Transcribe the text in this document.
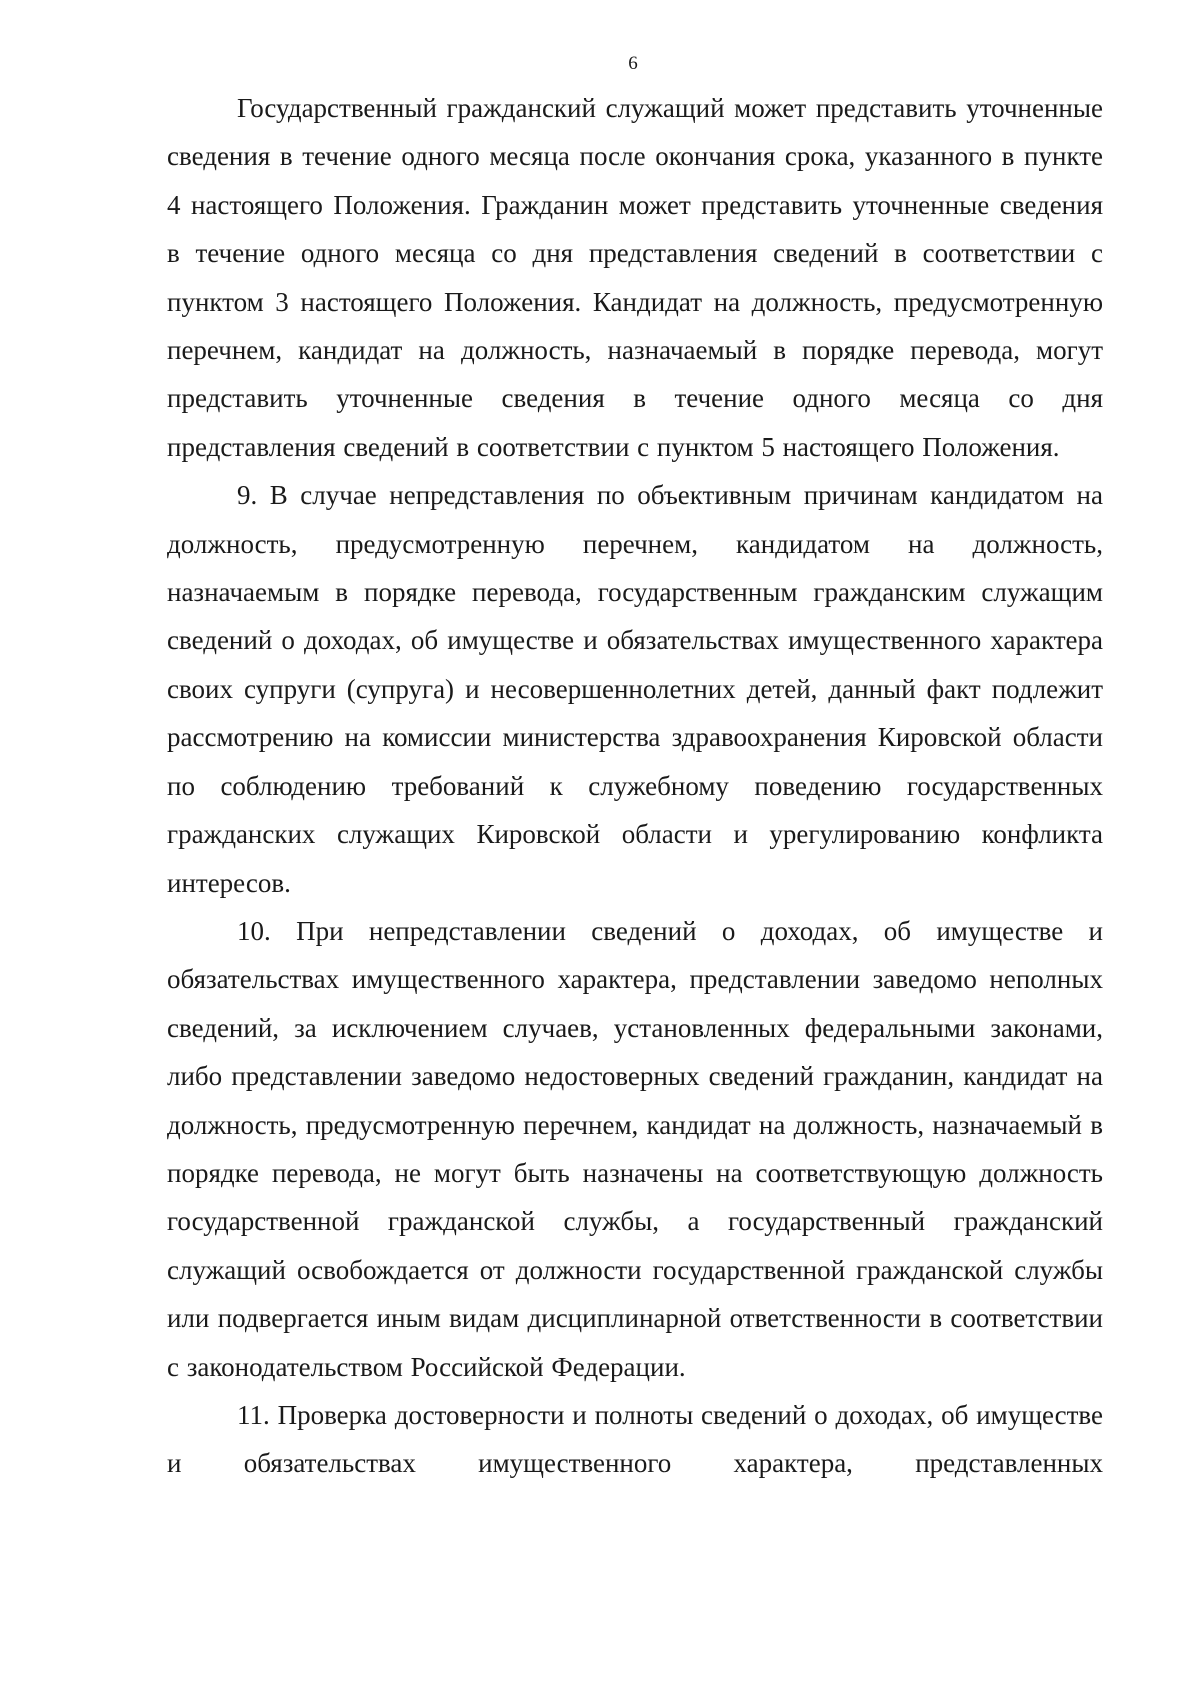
6

Государственный гражданский служащий может представить уточненные сведения в течение одного месяца после окончания срока, указанного в пункте 4 настоящего Положения. Гражданин может представить уточненные сведения в течение одного месяца со дня представления сведений в соответствии с пунктом 3 настоящего Положения. Кандидат на должность, предусмотренную перечнем, кандидат на должность, назначаемый в порядке перевода, могут представить уточненные сведения в течение одного месяца со дня представления сведений в соответствии с пунктом 5 настоящего Положения.

9. В случае непредставления по объективным причинам кандидатом на должность, предусмотренную перечнем, кандидатом на должность, назначаемым в порядке перевода, государственным гражданским служащим сведений о доходах, об имуществе и обязательствах имущественного характера своих супруги (супруга) и несовершеннолетних детей, данный факт подлежит рассмотрению на комиссии министерства здравоохранения Кировской области по соблюдению требований к служебному поведению государственных гражданских служащих Кировской области и урегулированию конфликта интересов.

10. При непредставлении сведений о доходах, об имуществе и обязательствах имущественного характера, представлении заведомо неполных сведений, за исключением случаев, установленных федеральными законами, либо представлении заведомо недостоверных сведений гражданин, кандидат на должность, предусмотренную перечнем, кандидат на должность, назначаемый в порядке перевода, не могут быть назначены на соответствующую должность государственной гражданской службы, а государственный гражданский служащий освобождается от должности государственной гражданской службы или подвергается иным видам дисциплинарной ответственности в соответствии с законодательством Российской Федерации.

11. Проверка достоверности и полноты сведений о доходах, об имуществе и обязательствах имущественного характера, представленных
